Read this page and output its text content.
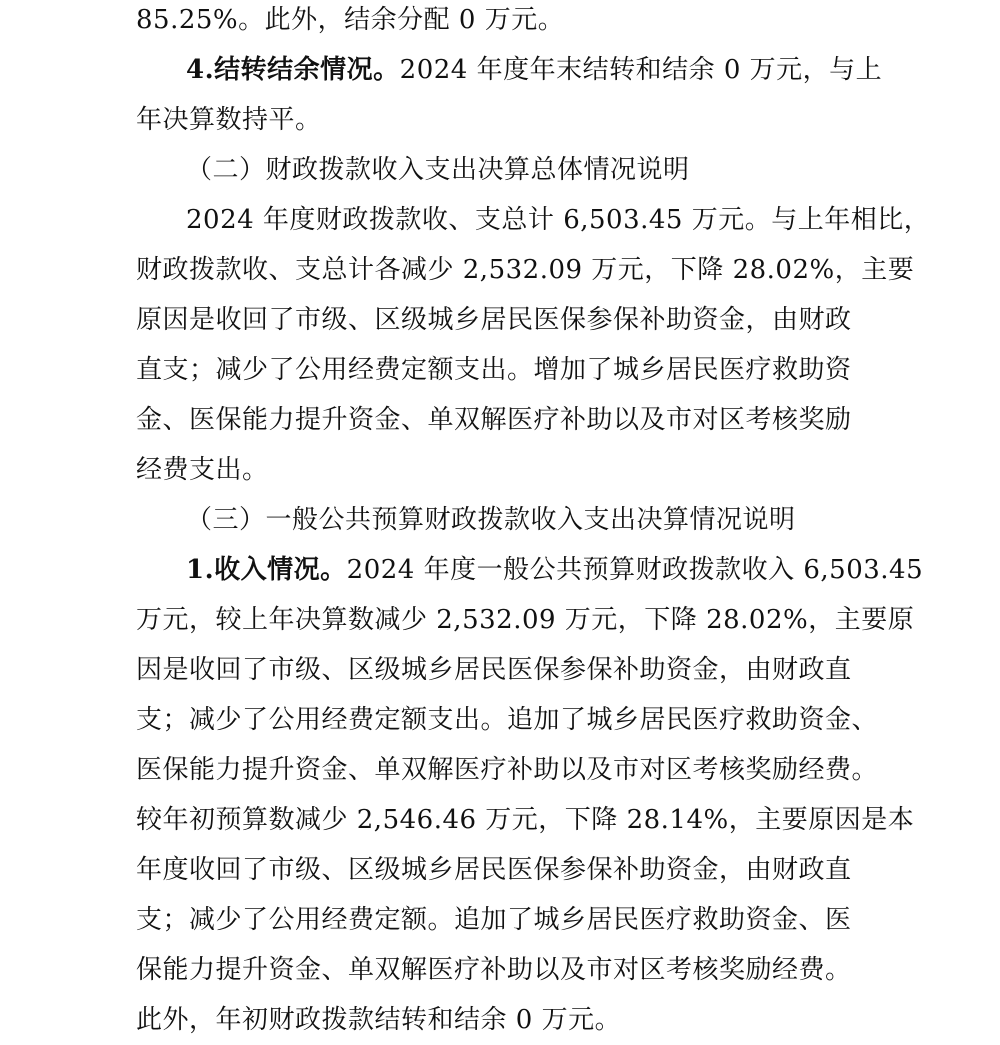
85.25%。此外，结余分配 0 万元。
4.结转结余情况。2024 年度年末结转和结余 0 万元，与上
年决算数持平。
（二）财政拨款收入支出决算总体情况说明
2024 年度财政拨款收、支总计 6,503.45 万元。与上年相比，
财政拨款收、支总计各减少 2,532.09 万元，下降 28.02%，主要
原因是收回了市级、区级城乡居民医保参保补助资金，由财政
直支；减少了公用经费定额支出。增加了城乡居民医疗救助资
金、医保能力提升资金、单双解医疗补助以及市对区考核奖励
经费支出。
（三）一般公共预算财政拨款收入支出决算情况说明
1.收入情况。2024 年度一般公共预算财政拨款收入 6,503.45
万元，较上年决算数减少 2,532.09 万元，下降 28.02%，主要原
因是收回了市级、区级城乡居民医保参保补助资金，由财政直
支；减少了公用经费定额支出。追加了城乡居民医疗救助资金、
医保能力提升资金、单双解医疗补助以及市对区考核奖励经费。
较年初预算数减少 2,546.46 万元，下降 28.14%，主要原因是本
年度收回了市级、区级城乡居民医保参保补助资金，由财政直
支；减少了公用经费定额。追加了城乡居民医疗救助资金、医
保能力提升资金、单双解医疗补助以及市对区考核奖励经费。
此外，年初财政拨款结转和结余 0 万元。
